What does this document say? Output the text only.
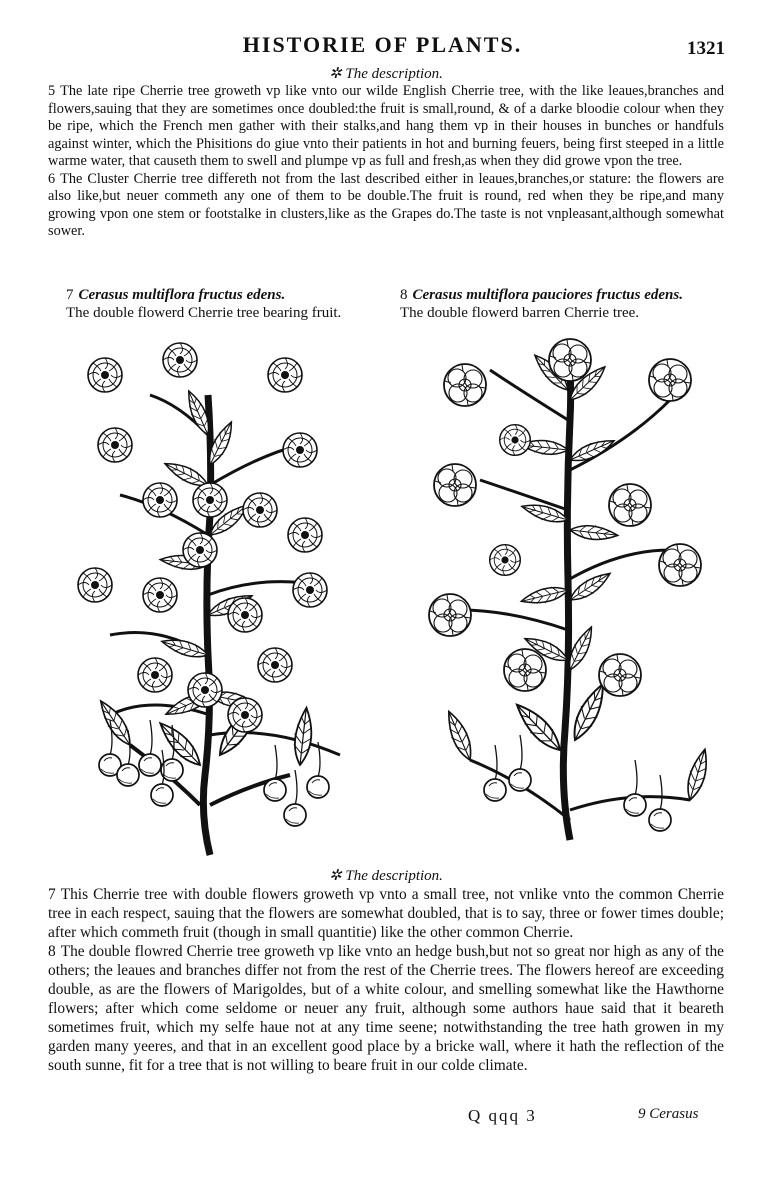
HISTORIE OF PLANTS.	1321
✲ The description.

5 The late ripe Cherrie tree groweth vp like vnto our wilde English Cherrie tree, with the like leaues,branches and flowers,sauing that they are sometimes once doubled:the fruit is small,round, & of a darke bloodie colour when they be ripe, which the French men gather with their stalks,and hang them vp in their houses in bunches or handfuls against winter, which the Phisitions do giue vnto their patients in hot and burning feuers, being first steeped in a little warme water, that causeth them to swell and plumpe vp as full and fresh,as when they did growe vpon the tree.

6 The Cluster Cherrie tree differeth not from the last described either in leaues,branches,or stature: the flowers are also like,but neuer commeth any one of them to be double.The fruit is round, red when they be ripe,and many growing vpon one stem or footstalke in clusters,like as the Grapes do.The taste is not vnpleasant,although somewhat sower.

7 Cerasus multiflora fructus edens.
The double flowerd Cherrie tree bearing fruit.
8 Cerasus multiflora pauciores fructus edens.
The double flowerd barren Cherrie tree.
✲ The description.

7 This Cherrie tree with double flowers groweth vp vnto a small tree, not vnlike vnto the common Cherrie tree in each respect, sauing that the flowers are somewhat doubled, that is to say, three or fower times double; after which commeth fruit (though in small quantitie) like the other common Cherrie.

8 The double flowred Cherrie tree groweth vp like vnto an hedge bush,but not so great nor high as any of the others; the leaues and branches differ not from the rest of the Cherrie trees. The flowers hereof are exceeding double, as are the flowers of Marigoldes, but of a white colour, and smelling somewhat like the Hawthorne flowers; after which come seldome or neuer any fruit, although some authors haue said that it beareth sometimes fruit, which my selfe haue not at any time seene; notwithstanding the tree hath growen in my garden many yeeres, and that in an excellent good place by a bricke wall, where it hath the reflection of the south sunne, fit for a tree that is not willing to beare fruit in our colde climate.

Q qqq 3	9 Cerasus
